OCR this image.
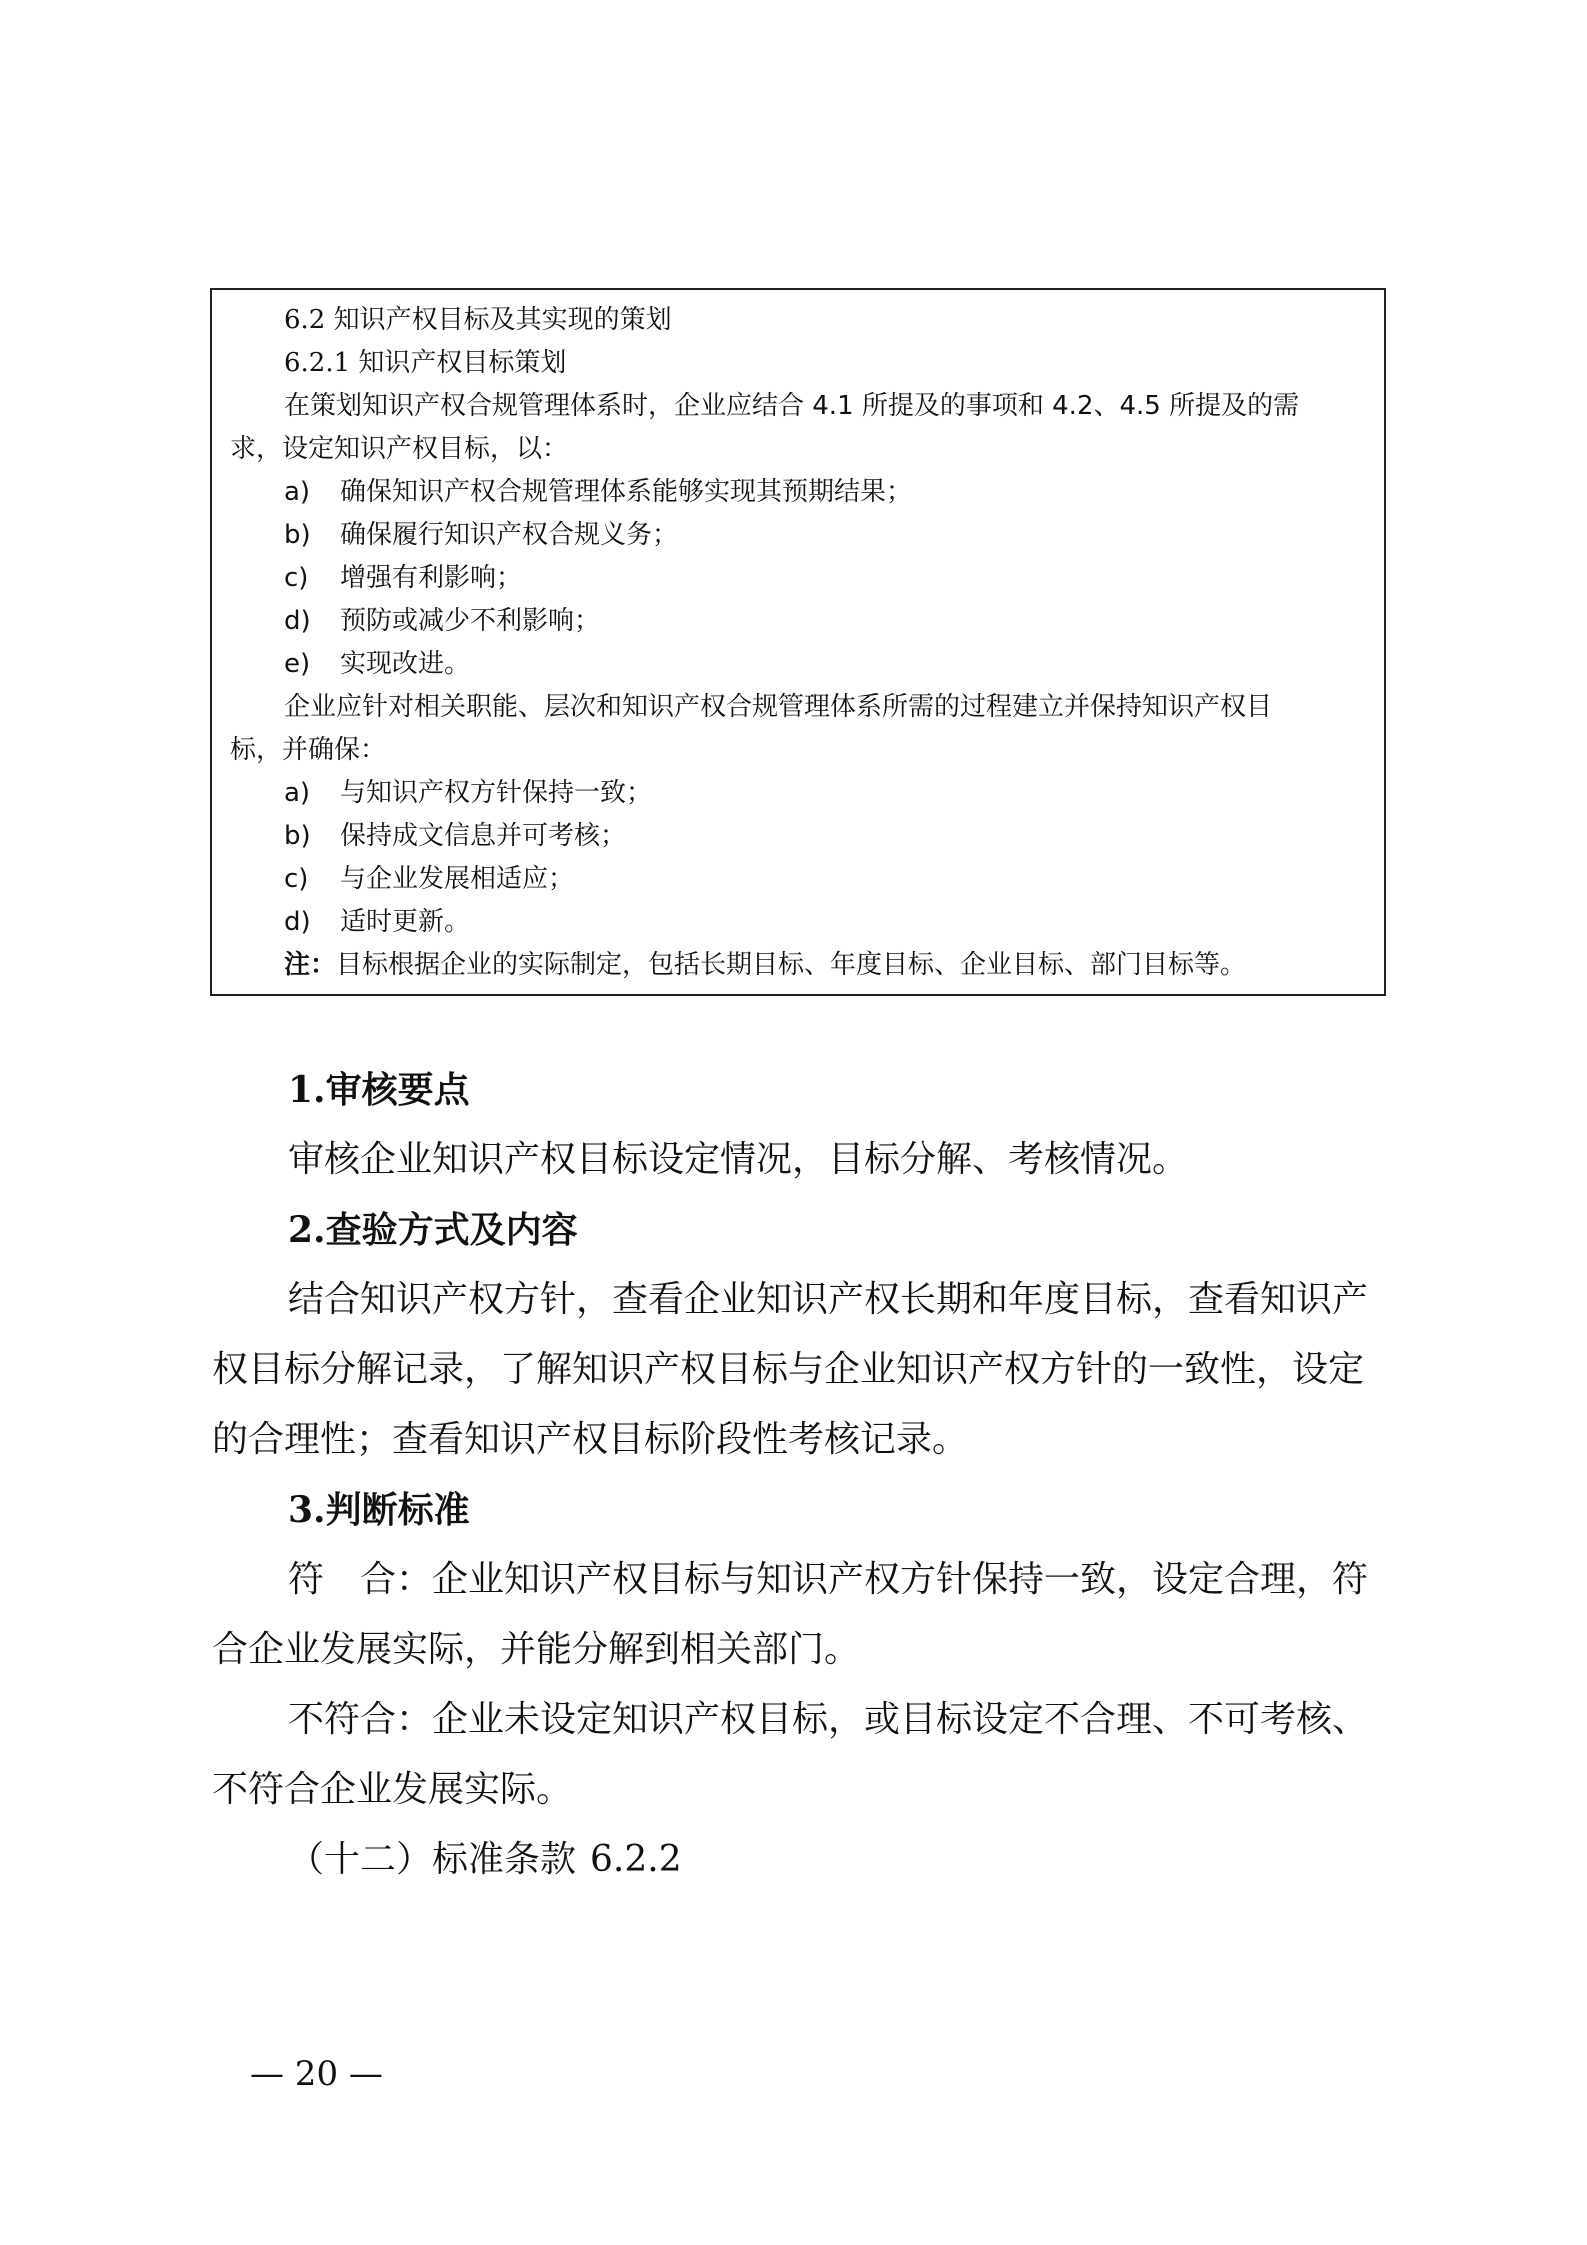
6.2 知识产权目标及其实现的策划

6.2.1 知识产权目标策划

在策划知识产权合规管理体系时，企业应结合 4.1 所提及的事项和 4.2、4.5 所提及的需

求，设定知识产权目标，以：

a) 确保知识产权合规管理体系能够实现其预期结果；

b) 确保履行知识产权合规义务；

c) 增强有利影响；

d) 预防或减少不利影响；

e) 实现改进。

企业应针对相关职能、层次和知识产权合规管理体系所需的过程建立并保持知识产权目

标，并确保：

a) 与知识产权方针保持一致；

b) 保持成文信息并可考核；

c) 与企业发展相适应；

d) 适时更新。

注：目标根据企业的实际制定，包括长期目标、年度目标、企业目标、部门目标等。

1.审核要点

审核企业知识产权目标设定情况，目标分解、考核情况。

2.查验方式及内容

结合知识产权方针，查看企业知识产权长期和年度目标，查看知识产

权目标分解记录，了解知识产权目标与企业知识产权方针的一致性，设定

的合理性；查看知识产权目标阶段性考核记录。

3.判断标准

符　合：企业知识产权目标与知识产权方针保持一致，设定合理，符

合企业发展实际，并能分解到相关部门。

不符合：企业未设定知识产权目标，或目标设定不合理、不可考核、

不符合企业发展实际。

（十二）标准条款 6.2.2

— 20 —
